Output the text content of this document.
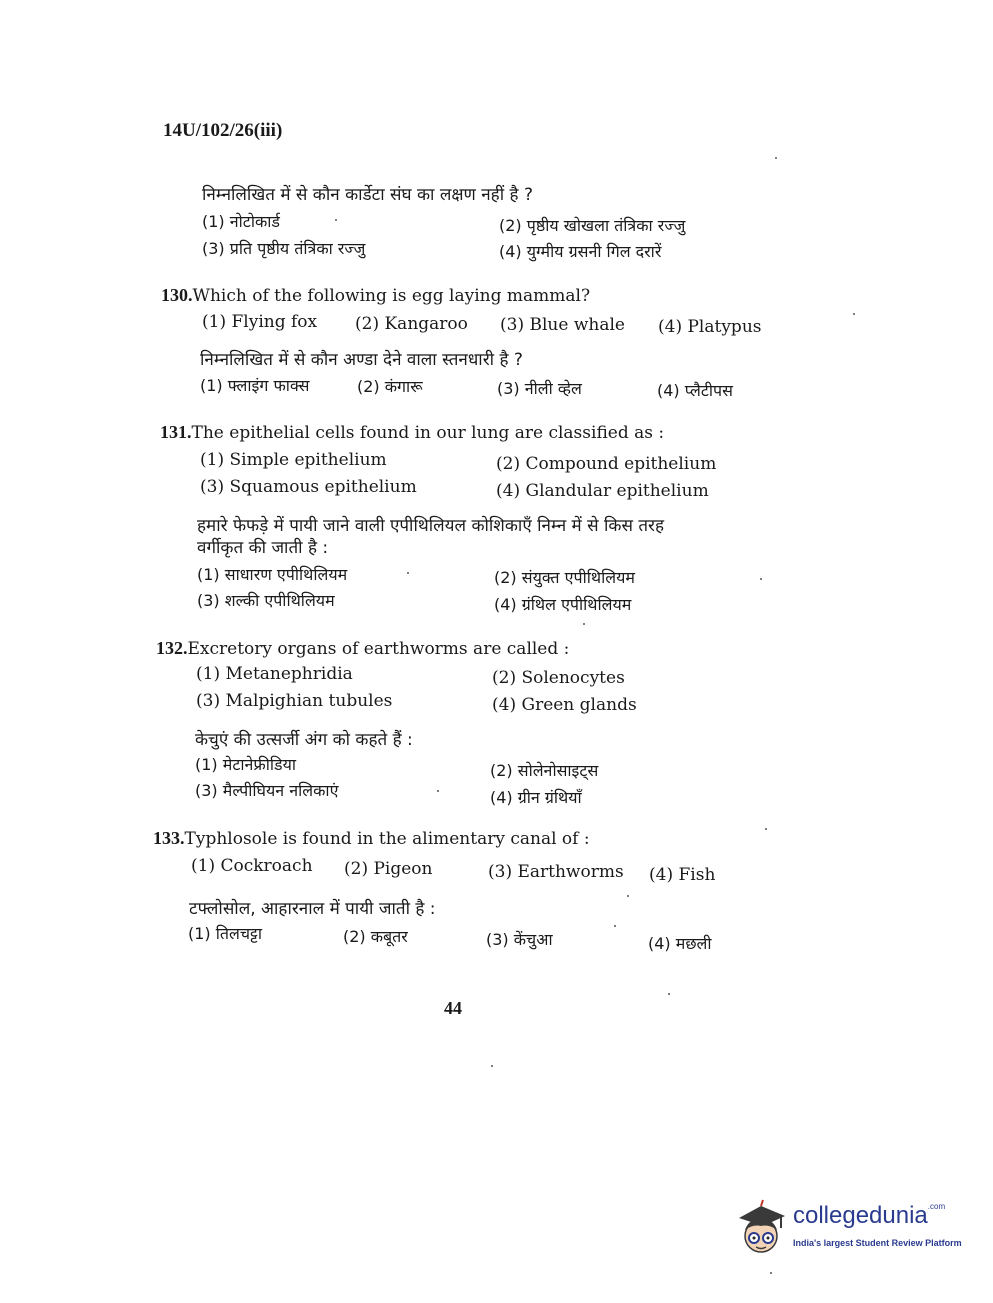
14U/102/26(iii)
निम्नलिखित में से कौन कार्डेटा संघ का लक्षण नहीं है ?
(1) नोटोकार्ड	(2) पृष्ठीय खोखला तंत्रिका रज्जु
(3) प्रति पृष्ठीय तंत्रिका रज्जु	(4) युग्मीय ग्रसनी गिल दरारें
130.Which of the following is egg laying mammal?
(1) Flying fox (2) Kangaroo (3) Blue whale (4) Platypus
निम्नलिखित में से कौन अण्डा देने वाला स्तनधारी है ?
(1) फ्लाइंग फाक्स	(2) कंगारू	(3) नीली व्हेल	(4) प्लैटीपस
131.The epithelial cells found in our lung are classified as :
(1) Simple epithelium	(2) Compound epithelium
(3) Squamous epithelium	(4) Glandular epithelium
हमारे फेफड़े में पायी जाने वाली एपीथिलियल कोशिकाएँ निम्न में से किस तरह
वर्गीकृत की जाती है :
(1) साधारण एपीथिलियम	(2) संयुक्त एपीथिलियम
(3) शल्की एपीथिलियम	(4) ग्रंथिल एपीथिलियम
132.Excretory organs of earthworms are called :
(1) Metanephridia	(2) Solenocytes
(3) Malpighian tubules	(4) Green glands
केचुएं की उत्सर्जी अंग को कहते हैं :
(1) मेटानेफ्रीडिया	(2) सोलेनोसाइट्स
(3) मैल्पीघियन नलिकाएं	(4) ग्रीन ग्रंथियाँ
133.Typhlosole is found in the alimentary canal of :
(1) Cockroach (2) Pigeon	(3) Earthworms (4) Fish
टफ्लोसोल, आहारनाल में पायी जाती है :
(1) तिलचट्टा	(2) कबूतर	(3) केंचुआ	(4) मछली
44
collegedunia$^{.com}$
India's largest Student Review Platform
